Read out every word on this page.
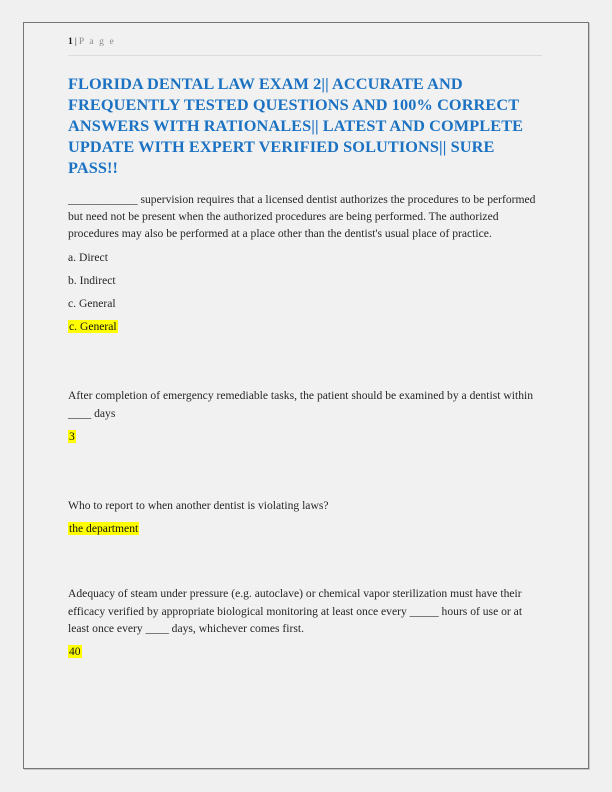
1 | P a g e
FLORIDA DENTAL LAW EXAM 2|| ACCURATE AND FREQUENTLY TESTED QUESTIONS AND 100% CORRECT ANSWERS WITH RATIONALES|| LATEST AND COMPLETE UPDATE WITH EXPERT VERIFIED SOLUTIONS|| SURE PASS!!

____________ supervision requires that a licensed dentist authorizes the procedures to be performed but need not be present when the authorized procedures are being performed. The authorized procedures may also be performed at a place other than the dentist's usual place of practice.

a. Direct

b. Indirect

c. General

c. General

After completion of emergency remediable tasks, the patient should be examined by a dentist within ____ days

3

Who to report to when another dentist is violating laws?

the department

Adequacy of steam under pressure (e.g. autoclave) or chemical vapor sterilization must have their efficacy verified by appropriate biological monitoring at least once every _____ hours of use or at least once every ____ days, whichever comes first.

40
